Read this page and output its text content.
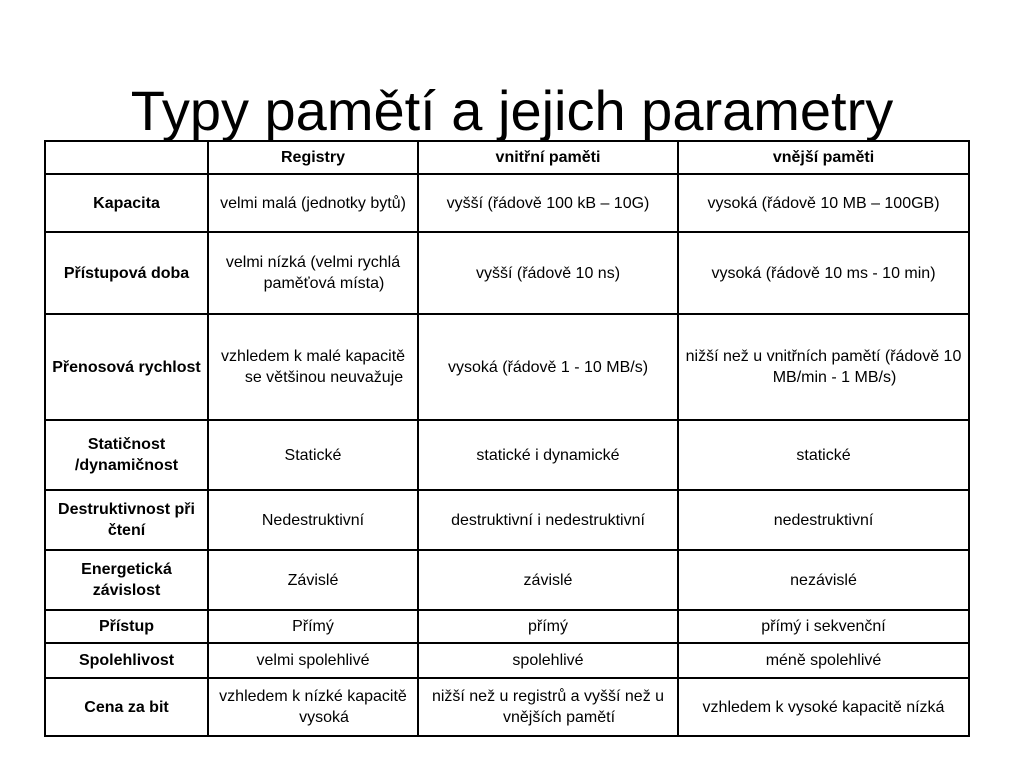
Typy pamětí a jejich parametry
	Registry	vnitřní paměti	vnější paměti
Kapacita	velmi malá (jednotky bytů)	vyšší (řádově 100 kB – 10G)	vysoká (řádově 10 MB – 100GB)
Přístupová doba	velmi nízká (velmi rychlá paměťová místa)	vyšší (řádově 10 ns)	vysoká (řádově 10 ms - 10 min)
Přenosová rychlost	vzhledem k malé kapacitě se většinou neuvažuje	vysoká (řádově 1 - 10 MB/s)	nižší než u vnitřních pamětí (řádově 10 MB/min - 1 MB/s)
Statičnost /dynamičnost	Statické	statické i dynamické	statické
Destruktivnost při čtení	Nedestruktivní	destruktivní i nedestruktivní	nedestruktivní
Energetická závislost	Závislé	závislé	nezávislé
Přístup	Přímý	přímý	přímý i sekvenční
Spolehlivost	velmi spolehlivé	spolehlivé	méně spolehlivé
Cena za bit	vzhledem k nízké kapacitě vysoká	nižší než u registrů a vyšší než u vnějších pamětí	vzhledem k vysoké kapacitě nízká
